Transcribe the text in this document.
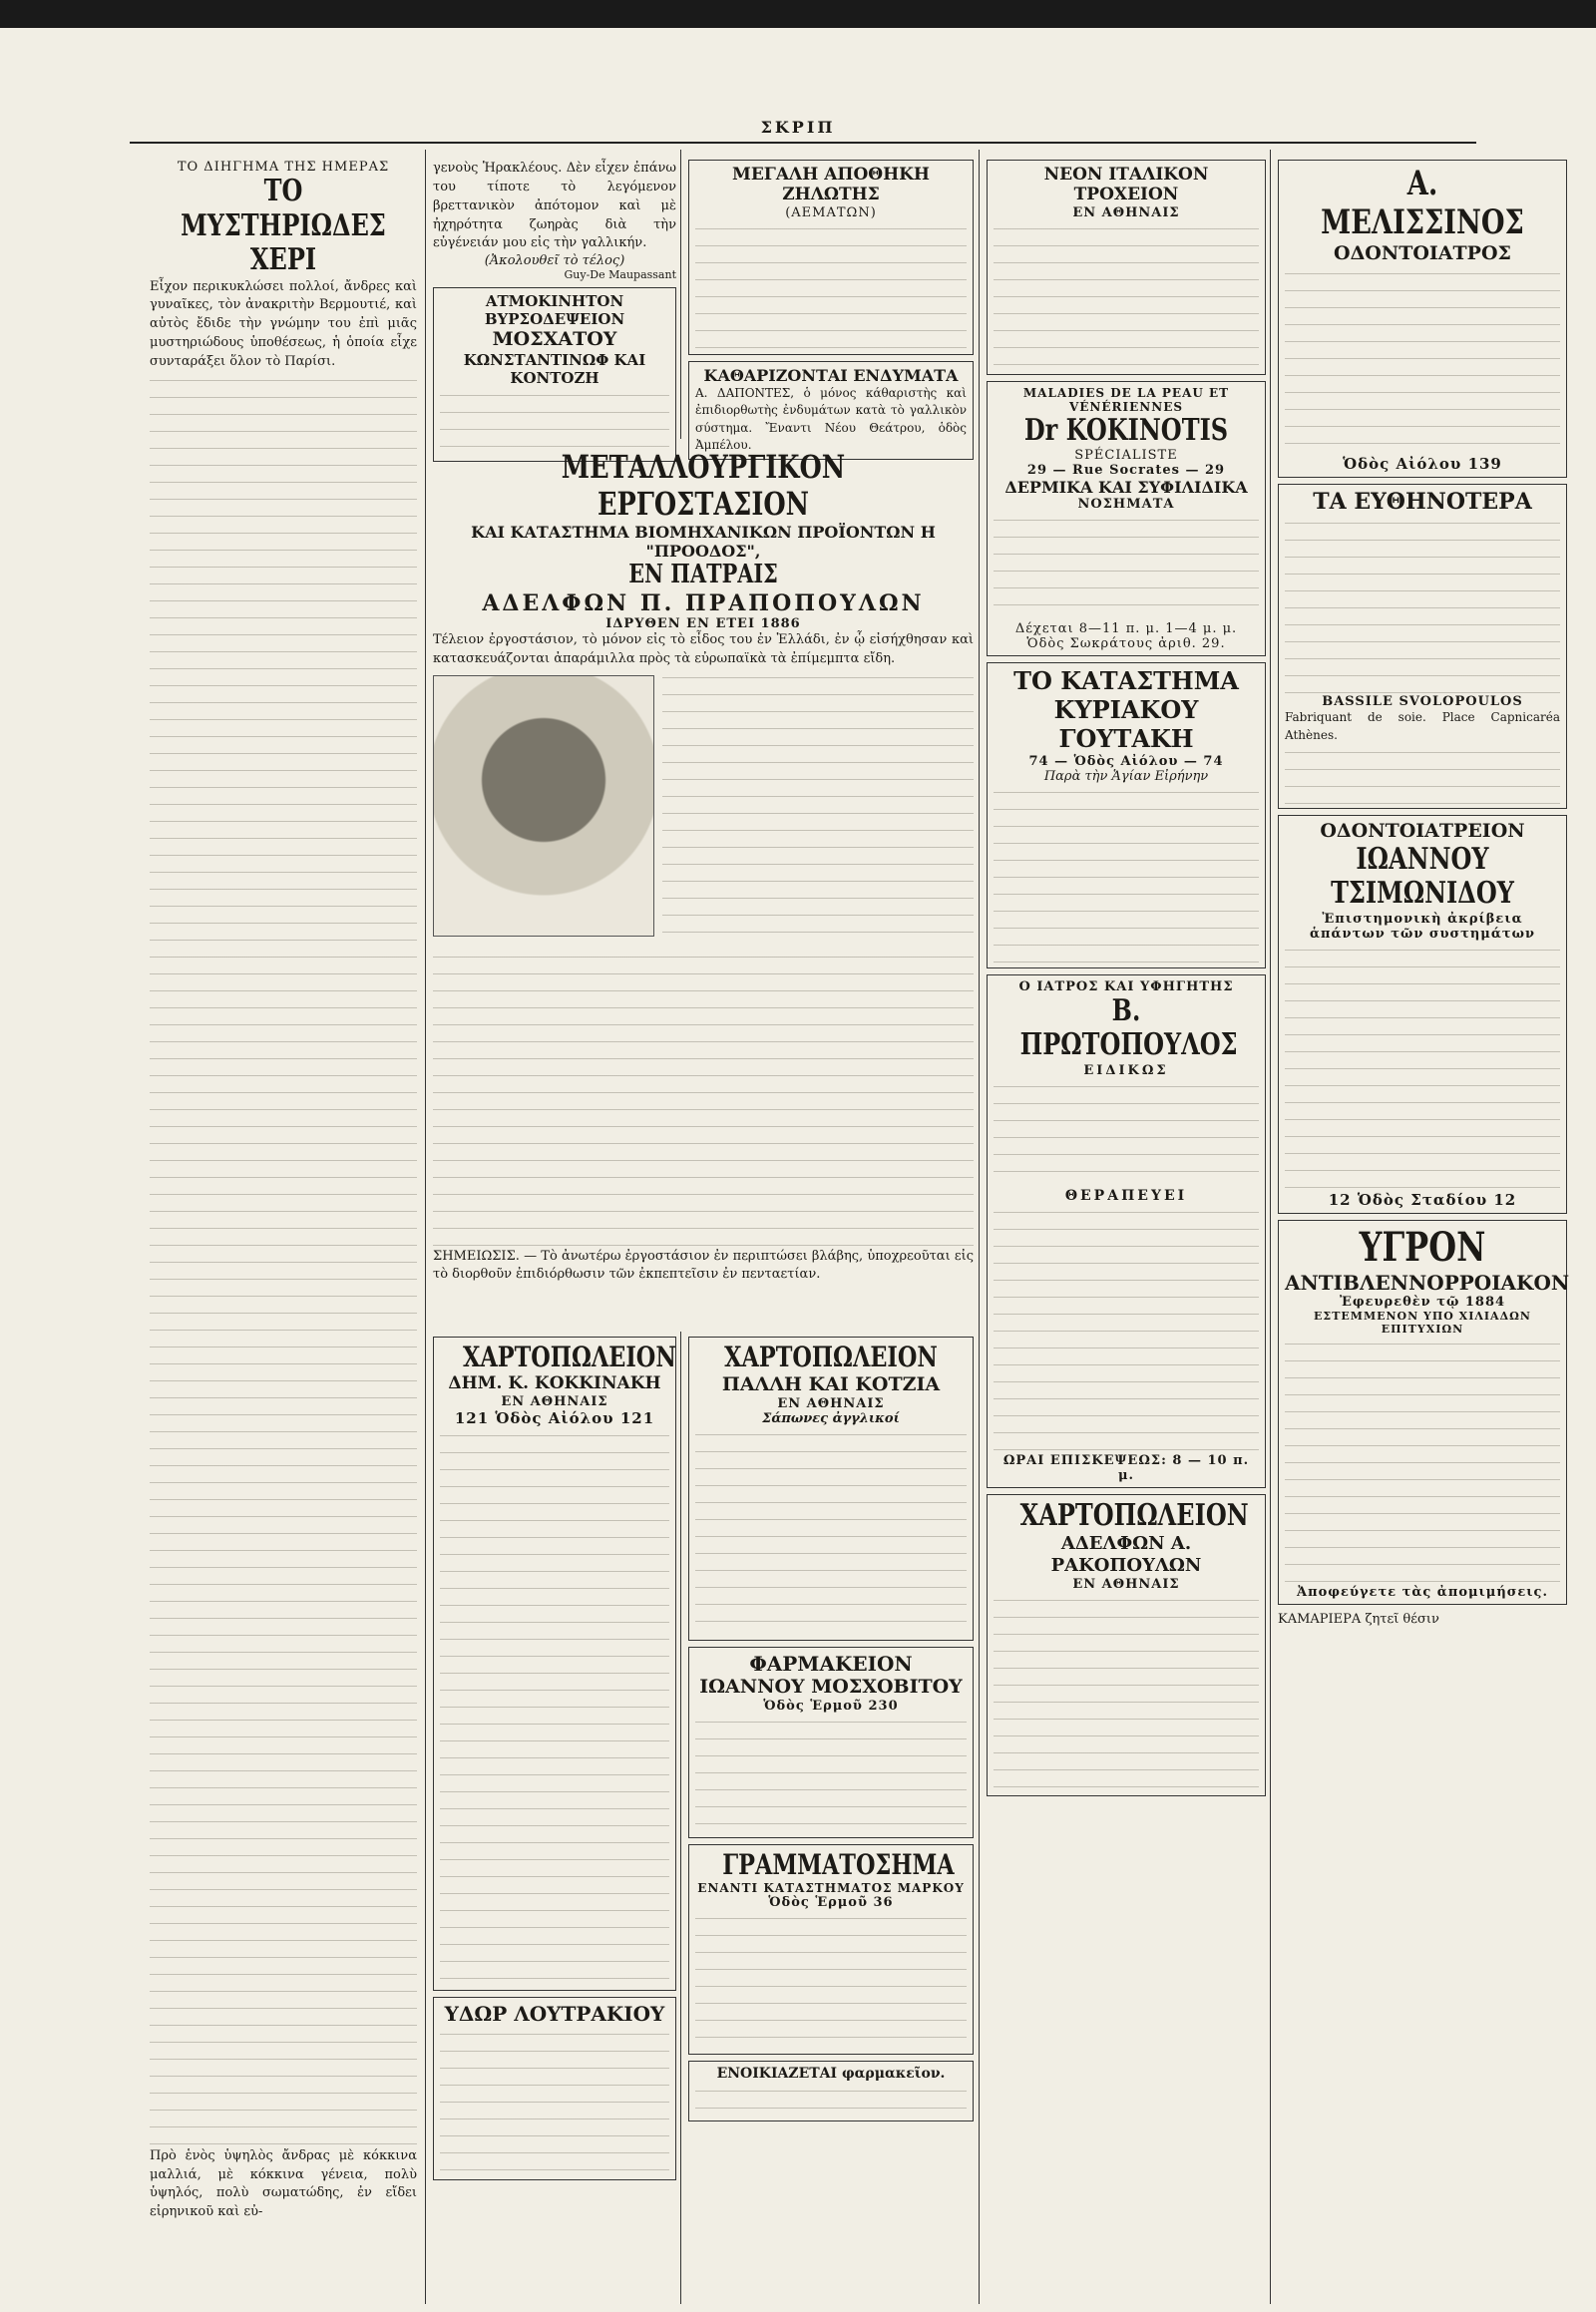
ΣΚΡΙΠ
ΤΟ ΔΙΗΓΗΜΑ ΤΗΣ ΗΜΕΡΑΣ
ΤΟ ΜΥΣΤΗΡΙΩΔΕΣ ΧΕΡΙ
Εἶχον περικυκλώσει πολλοί, ἄνδρες καὶ γυναῖκες, τὸν ἀνακριτὴν Βερμουτιέ, καὶ αὐτὸς ἔδιδε τὴν γνώμην του ἐπὶ μιᾶς μυστηριώδους ὑποθέσεως, ἡ ὁποία εἶχε συνταράξει ὅλον τὸ Παρίσι.
Πρὸ ἑνὸς ὑψηλὸς ἄνδρας μὲ κόκκινα μαλλιά, μὲ κόκκινα γένεια, πολὺ ὑψηλός, πολὺ σωματώδης, ἐν εἴδει εἰρηνικοῦ καὶ εὐ-
γενοὺς Ἡρακλέους. Δὲν εἶχεν ἐπάνω του τίποτε τὸ λεγόμενον βρεττανικὸν ἀπότομον καὶ μὲ ἠχηρότητα ζωηρὰς διὰ τὴν εὐγένειάν μου εἰς τὴν γαλλικήν.
(Ἀκολουθεῖ τὸ τέλος)
Guy-De Maupassant
ΑΤΜΟΚΙΝΗΤΟΝ ΒΥΡΣΟΔΕΨΕΙΟΝ
ΜΟΣΧΑΤΟΥ
ΚΩΝΣΤΑΝΤΙΝΩΦ ΚΑΙ ΚΟΝΤΟΖΗ
ΜΕΓΑΛΗ ΑΠΟΘΗΚΗ ΖΗΛΩΤΗΣ
(ΑΕΜΑΤΩΝ)
ΚΑΘΑΡΙΖΟΝΤΑΙ ΕΝΔΥΜΑΤΑ
Α. ΔΑΠΟΝΤΕΣ, ὁ μόνος κάθαριστὴς καὶ ἐπιδιορθωτὴς ἐνδυμάτων κατὰ τὸ γαλλικὸν σύστημα. Ἔναντι Νέου Θεάτρου, ὁδὸς Ἀμπέλου.
ΜΕΤΑΛΛΟΥΡΓΙΚΟΝ ΕΡΓΟΣΤΑΣΙΟΝ
ΚΑΙ ΚΑΤΑΣΤΗΜΑ ΒΙΟΜΗΧΑΝΙΚΩΝ ΠΡΟΪΟΝΤΩΝ Η "ΠΡΟΟΔΟΣ",
ΕΝ ΠΑΤΡΑΙΣ
ΑΔΕΛΦΩΝ Π. ΠΡΑΠΟΠΟΥΛΩΝ
ΙΔΡΥΘΕΝ ΕΝ ΕΤΕΙ 1886
Τέλειον ἐργοστάσιον, τὸ μόνον εἰς τὸ εἶδος του ἐν Ἑλλάδι, ἐν ᾧ εἰσήχθησαν καὶ κατασκευάζονται ἀπαράμιλλα πρὸς τὰ εὐρωπαϊκὰ τὰ ἐπίμεμπτα εἴδη.
ΣΗΜΕΙΩΣΙΣ. — Τὸ ἀνωτέρω ἐργοστάσιον ἐν περιπτώσει βλάβης, ὑποχρεοῦται εἰς τὸ διορθοῦν ἐπιδιόρθωσιν τῶν ἐκπεπτεῖσιν ἐν πενταετίαν.
ΝΕΟΝ ΙΤΑΛΙΚΟΝ ΤΡΟΧΕΙΟΝ
ΕΝ ΑΘΗΝΑΙΣ
MALADIES DE LA PEAU ET VÉNÉRIENNES
Dr KOKINOTIS
SPÉCIALISTE
29 — Rue Socrates — 29
ΔΕΡΜΙΚΑ ΚΑΙ ΣΥΦΙΛΙΔΙΚΑ
ΝΟΣΗΜΑΤΑ
Δέχεται 8—11 π. μ. 1—4 μ. μ.
Ὁδὸς Σωκράτους ἀριθ. 29.
ΤΟ ΚΑΤΑΣΤΗΜΑ
ΚΥΡΙΑΚΟΥ ΓΟΥΤΑΚΗ
74 — Ὁδὸς Αἰόλου — 74
Παρὰ τὴν Ἁγίαν Εἰρήνην
Ο ΙΑΤΡΟΣ ΚΑΙ ΥΦΗΓΗΤΗΣ
Β. ΠΡΩΤΟΠΟΥΛΟΣ
ΕΙΔΙΚΩΣ
ΘΕΡΑΠΕΥΕΙ
ΩΡΑΙ ΕΠΙΣΚΕΨΕΩΣ: 8 — 10 π. μ.
ΧΑΡΤΟΠΩΛΕΙΟΝ
ΑΔΕΛΦΩΝ Α. ΡΑΚΟΠΟΥΛΩΝ
ΕΝ ΑΘΗΝΑΙΣ
Α. ΜΕΛΙΣΣΙΝΟΣ
ΟΔΟΝΤΟΙΑΤΡΟΣ
Ὁδὸς Αἰόλου 139
ΤΑ ΕΥΘΗΝΟΤΕΡΑ
BASSILE SVOLOPOULOS
Fabriquant de soie. Place Capnicaréa Athènes.
ΟΔΟΝΤΟΙΑΤΡΕΙΟΝ
ΙΩΑΝΝΟΥ ΤΣΙΜΩΝΙΔΟΥ
Ἐπιστημονικὴ ἀκρίβεια ἁπάντων τῶν συστημάτων
12 Ὁδὸς Σταδίου 12
ΥΓΡΟΝ
ΑΝΤΙΒΛΕΝΝΟΡΡΟΙΑΚΟΝ
Ἐφευρεθὲν τῷ 1884
ΕΣΤΕΜΜΕΝΟΝ ΥΠΟ ΧΙΛΙΑΔΩΝ ΕΠΙΤΥΧΙΩΝ
Ἀποφεύγετε τὰς ἀπομιμήσεις.
ΚΑΜΑΡΙΕΡΑ ζητεῖ θέσιν
ΧΑΡΤΟΠΩΛΕΙΟΝ
ΔΗΜ. Κ. ΚΟΚΚΙΝΑΚΗ
ΕΝ ΑΘΗΝΑΙΣ
121 Ὁδὸς Αἰόλου 121
ΥΔΩΡ ΛΟΥΤΡΑΚΙΟΥ
ΧΑΡΤΟΠΩΛΕΙΟΝ
ΠΑΛΛΗ ΚΑΙ ΚΟΤΖΙΑ
ΕΝ ΑΘΗΝΑΙΣ
Σάπωνες ἀγγλικοί
ΦΑΡΜΑΚΕΙΟΝ
ΙΩΑΝΝΟΥ ΜΟΣΧΟΒΙΤΟΥ
Ὁδὸς Ἑρμοῦ 230
ΓΡΑΜΜΑΤΟΣΗΜΑ
ΕΝΑΝΤΙ ΚΑΤΑΣΤΗΜΑΤΟΣ ΜΑΡΚΟΥ
Ὁδὸς Ἑρμοῦ 36
ΕΝΟΙΚΙΑΖΕΤΑΙ φαρμακεῖον.
